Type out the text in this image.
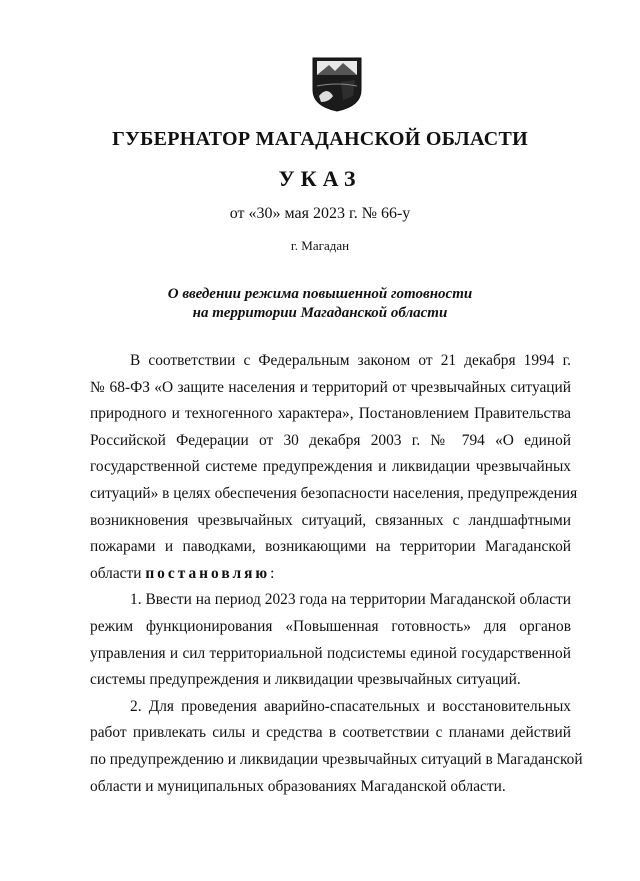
ГУБЕРНАТОР МАГАДАНСКОЙ ОБЛАСТИ
УКАЗ
от «30» мая 2023 г. № 66-у
г. Магадан
О введении режима повышенной готовности
на территории Магаданской области
В соответствии с Федеральным законом от 21 декабря 1994 г.
№ 68-ФЗ «О защите населения и территорий от чрезвычайных ситуаций
природного и техногенного характера», Постановлением Правительства
Российской Федерации от 30 декабря 2003 г. № 794 «О единой
государственной системе предупреждения и ликвидации чрезвычайных
ситуаций» в целях обеспечения безопасности населения, предупреждения
возникновения чрезвычайных ситуаций, связанных с ландшафтными
пожарами и паводками, возникающими на территории Магаданской
области постановляю:
1. Ввести на период 2023 года на территории Магаданской области
режим функционирования «Повышенная готовность» для органов
управления и сил территориальной подсистемы единой государственной
системы предупреждения и ликвидации чрезвычайных ситуаций.
2. Для проведения аварийно-спасательных и восстановительных
работ привлекать силы и средства в соответствии с планами действий
по предупреждению и ликвидации чрезвычайных ситуаций в Магаданской
области и муниципальных образованиях Магаданской области.
